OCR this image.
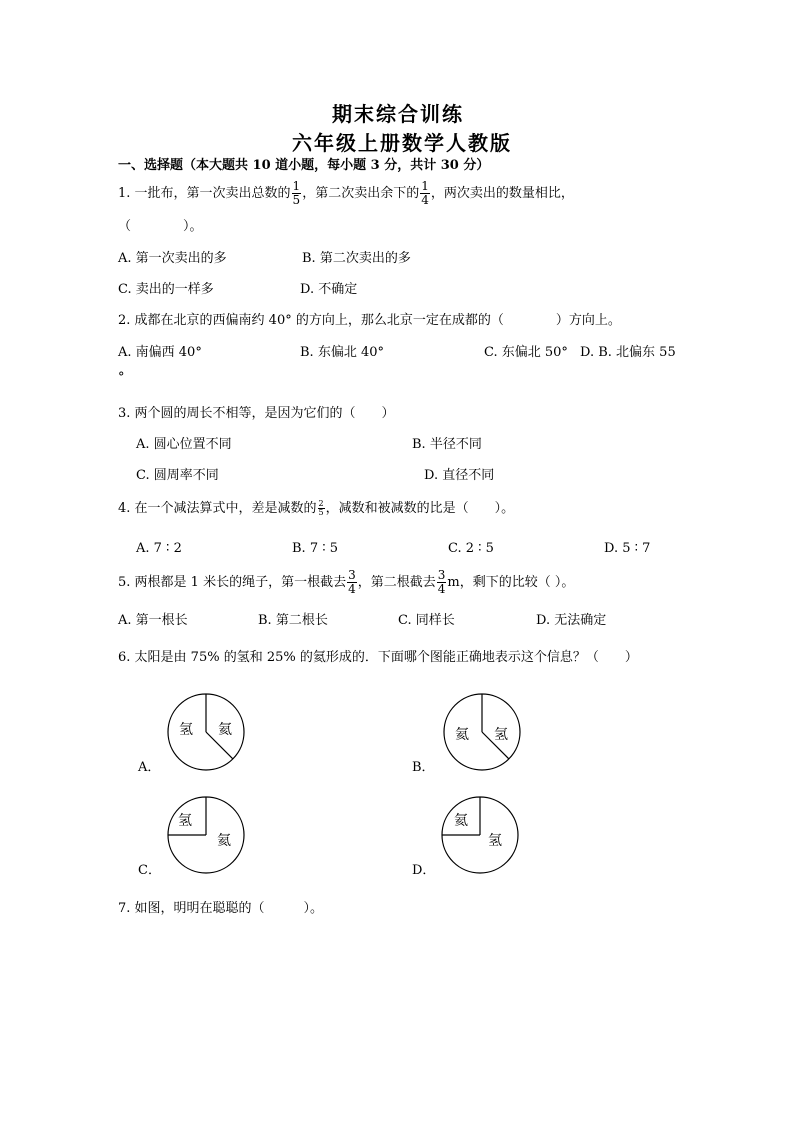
期末综合训练
六年级上册数学人教版
一、选择题（本大题共 10 道小题，每小题 3 分，共计 30 分）
1. 一批布，第一次卖出总数的 $\frac{1}{5}$ ，第二次卖出余下的 $\frac{1}{4}$ ，两次卖出的数量相比，
（　　　　）。
A. 第一次卖出的多	B. 第二次卖出的多
C. 卖出的一样多	D. 不确定
2. 成都在北京的西偏南约 40° 的方向上，那么北京一定在成都的（　　　　）方向上。
A. 南偏西 40°	B. 东偏北 40°	C. 东偏北 50° D. B. 北偏东 55
°
3. 两个圆的周长不相等，是因为它们的（　　）
A. 圆心位置不同	B. 半径不同
C. 圆周率不同	D. 直径不同
4. 在一个减法算式中，差是减数的 $\frac{2}{5}$ ，减数和被减数的比是（　　）。
A. 7 ∶ 2	B. 7 ∶ 5	C. 2 ∶ 5	D. 5 ∶ 7
5. 两根都是 1 米长的绳子，第一根截去 $\frac{3}{4}$ ，第二根截去 $\frac{3}{4}$ m，剩下的比较（ ）。
A. 第一根长	B. 第二根长	C. 同样长	D. 无法确定
6. 太阳是由 75% 的氢和 25% 的氦形成的．下面哪个图能正确地表示这个信息？（　　）
氢 氦
A．
氦 氢
B．
氢
氦
C．
氦
氢
D．
7. 如图，明明在聪聪的（　　　）。
